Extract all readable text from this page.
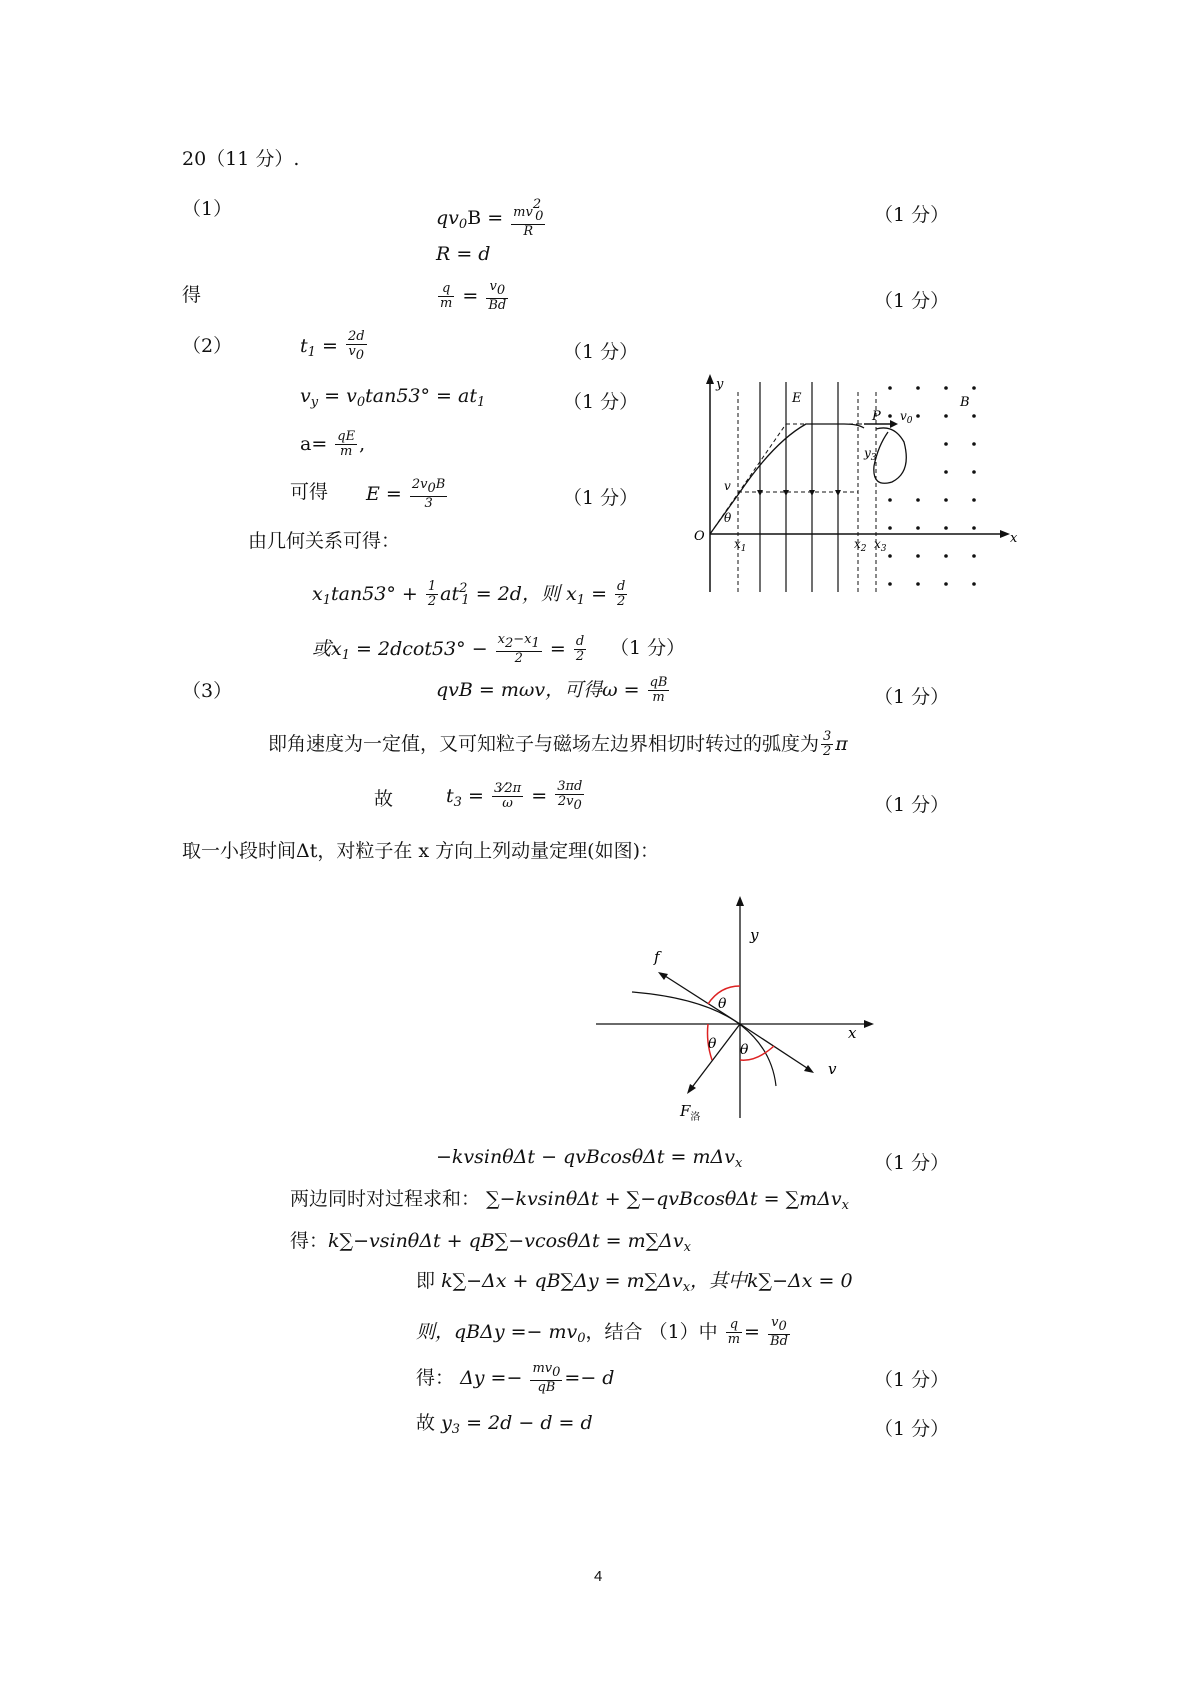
20（11 分）.
（1）	$qv_0B = \frac{mv20}{R}$	（1 分）
R = d
得	$\frac{q}{m} = \frac{v0}{Bd}$	（1 分）
（2）	$t_1 = \frac{2d}{v0}$	（1 分）
$v_y = v_0\tan 53^\circ = at_1$	（1 分）
$a= \frac{qE}{m}$ ,
可得 $E = \frac{2v0B}{3}$	（1 分）
由几何关系可得：
$x_1\tan 53^\circ + \frac{1}{2} at^2_1 = 2d$，则 $x_1 = \frac{d}{2}$
或$x_1 = 2dcot53^\circ - \frac{x2-x1}{2} = \frac{d}{2} (1$ 分）
y
x
O
E	B
P $v_0$
$y_3$
v
θ
$x_1$	$x_2$ $x_3$
（3）	qvB = mωv，可得$\omega = \frac{qB}{m}$	（1 分）
即角速度为一定值，又可知粒子与磁场左边界相切时转过的弧度为 $\frac{3}{2}$ π
故	$t_3 = \frac{3⁄2\pi}{\omega} = \frac{3\pi d}{2v0}$	（1 分）
取一小段时间Δt，对粒子在 x 方向上列动量定理(如图)：
y
x
f
v
θ
θ θ
$F_洛$
−kvsinθΔt − qvBcosθΔt = mΔv$_x$	（1 分）
两边同时对过程求和： ∑−kvsinθΔt + ∑−qvBcosθΔt = ∑mΔv$_x$
得：$k\sum-vsin\theta\Delta t + qB\sum-vcos\theta\Delta t = m\sum\Delta v_x$
即 $k\sum-\Delta x + qB\sum\Delta y = m\sum\Delta v_x$，其中k∑−Δx = 0
则，$qB\Delta y =- mv_0$，结合 （1）中 $\frac{q}{m} = \frac{v0}{Bd}$
得： $\Delta y =- \frac{mv0}{qB} =- d$	（1 分）
故 $y_3 = 2d - d = d$	（1 分）
4
